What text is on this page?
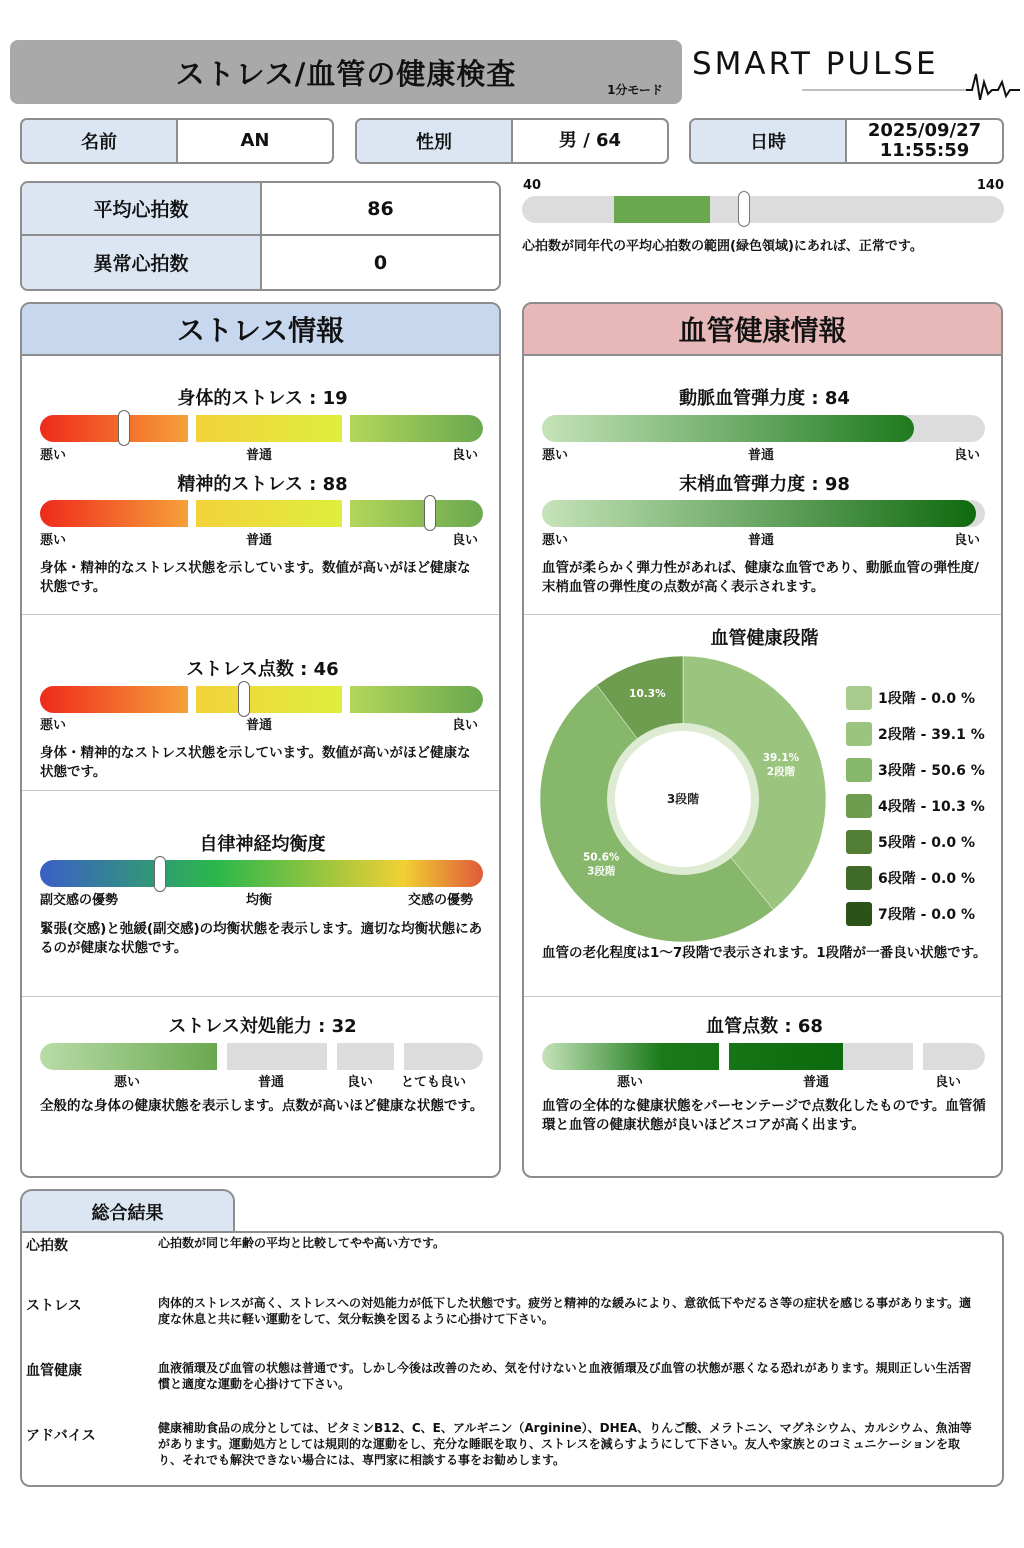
ストレス/血管の健康検査	1分モード
SMART PULSE
名前	AN	性別	男 / 64	日時
2025/09/27
11:55:59
平均心拍数	86
異常心拍数	0
40	140
心拍数が同年代の平均心拍数の範囲(緑色領域)にあれば、正常です。
ストレス情報
身体的ストレス : 19
悪い	普通	良い
精神的ストレス : 88
悪い	普通	良い
身体・精神的なストレス状態を示しています。数値が高いがほど健康な状態です。
ストレス点数 : 46
悪い	普通	良い
身体・精神的なストレス状態を示しています。数値が高いがほど健康な状態です。
自律神経均衡度
副交感の優勢	均衡	交感の優勢
緊張(交感)と弛緩(副交感)の均衡状態を表示します。適切な均衡状態にあるのが健康な状態です。
ストレス対処能力 : 32
悪い	普通	良い とても良い
全般的な身体の健康状態を表示します。点数が高いほど健康な状態です。
血管健康情報
動脈血管弾力度 : 84
悪い	普通	良い
末梢血管弾力度 : 98
悪い	普通	良い
血管が柔らかく弾力性があれば、健康な血管であり、動脈血管の弾性度/末梢血管の弾性度の点数が高く表示されます。
血管健康段階
血管の老化程度は1〜7段階で表示されます。1段階が一番良い状態です。
血管点数 : 68
悪い	普通	良い
血管の全体的な健康状態をパーセンテージで点数化したものです。血管循環と血管の健康状態が良いほどスコアが高く出ます。
3段階
39.1%
2段階
50.6%
3段階
10.3%	1段階 - 0.0 %
2段階 - 39.1 %
3段階 - 50.6 %
4段階 - 10.3 %
5段階 - 0.0 %
6段階 - 0.0 %
7段階 - 0.0 %
総合結果
心拍数	心拍数が同じ年齢の平均と比較してやや高い方です。
ストレス	肉体的ストレスが高く、ストレスへの対処能力が低下した状態です。疲労と精神的な緩みにより、意欲低下やだるさ等の症状を感じる事があります。適度な休息と共に軽い運動をして、気分転換を図るように心掛けて下さい。
血管健康	血液循環及び血管の状態は普通です。しかし今後は改善のため、気を付けないと血液循環及び血管の状態が悪くなる恐れがあります。規則正しい生活習慣と適度な運動を心掛けて下さい。
アドバイス	健康補助食品の成分としては、ビタミンB12、C、E、アルギニン（Arginine）、DHEA、りんご酸、メラトニン、マグネシウム、カルシウム、魚油等があります。運動処方としては規則的な運動をし、充分な睡眠を取り、ストレスを減らすようにして下さい。友人や家族とのコミュニケーションを取り、それでも解決できない場合には、専門家に相談する事をお勧めします。
